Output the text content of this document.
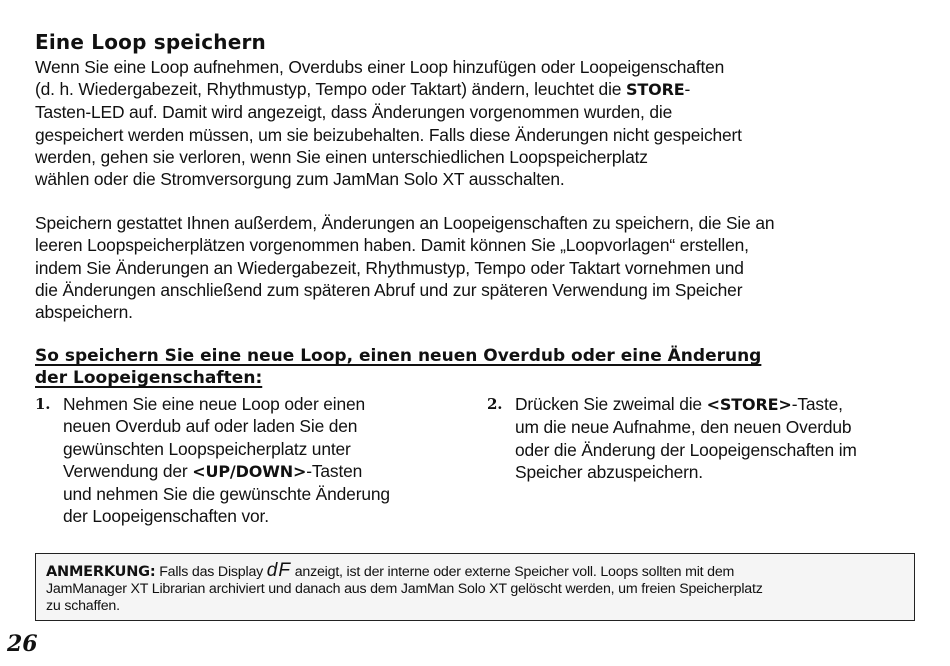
Eine Loop speichern

Wenn Sie eine Loop aufnehmen, Overdubs einer Loop hinzufügen oder Loopeigenschaften
(d. h. Wiedergabezeit, Rhythmustyp, Tempo oder Taktart) ändern, leuchtet die STORE-
Tasten-LED auf. Damit wird angezeigt, dass Änderungen vorgenommen wurden, die
gespeichert werden müssen, um sie beizubehalten. Falls diese Änderungen nicht gespeichert
werden, gehen sie verloren, wenn Sie einen unterschiedlichen Loopspeicherplatz
wählen oder die Stromversorgung zum JamMan Solo XT ausschalten.

Speichern gestattet Ihnen außerdem, Änderungen an Loopeigenschaften zu speichern, die Sie an
leeren Loopspeicherplätzen vorgenommen haben. Damit können Sie „Loopvorlagen“ erstellen,
indem Sie Änderungen an Wiedergabezeit, Rhythmustyp, Tempo oder Taktart vornehmen und
die Änderungen anschließend zum späteren Abruf und zur späteren Verwendung im Speicher
abspeichern.

So speichern Sie eine neue Loop, einen neuen Overdub oder eine Änderung
der Loopeigenschaften:
1. Nehmen Sie eine neue Loop oder einen
neuen Overdub auf oder laden Sie den
gewünschten Loopspeicherplatz unter
Verwendung der <UP/DOWN>-Tasten
und nehmen Sie die gewünschte Änderung
der Loopeigenschaften vor.
2. Drücken Sie zweimal die <STORE>-Taste,
um die neue Aufnahme, den neuen Overdub
oder die Änderung der Loopeigenschaften im
Speicher abzuspeichern.
ANMERKUNG: Falls das Display dF anzeigt, ist der interne oder externe Speicher voll. Loops sollten mit dem
JamManager XT Librarian archiviert und danach aus dem JamMan Solo XT gelöscht werden, um freien Speicherplatz
zu schaffen.
26
